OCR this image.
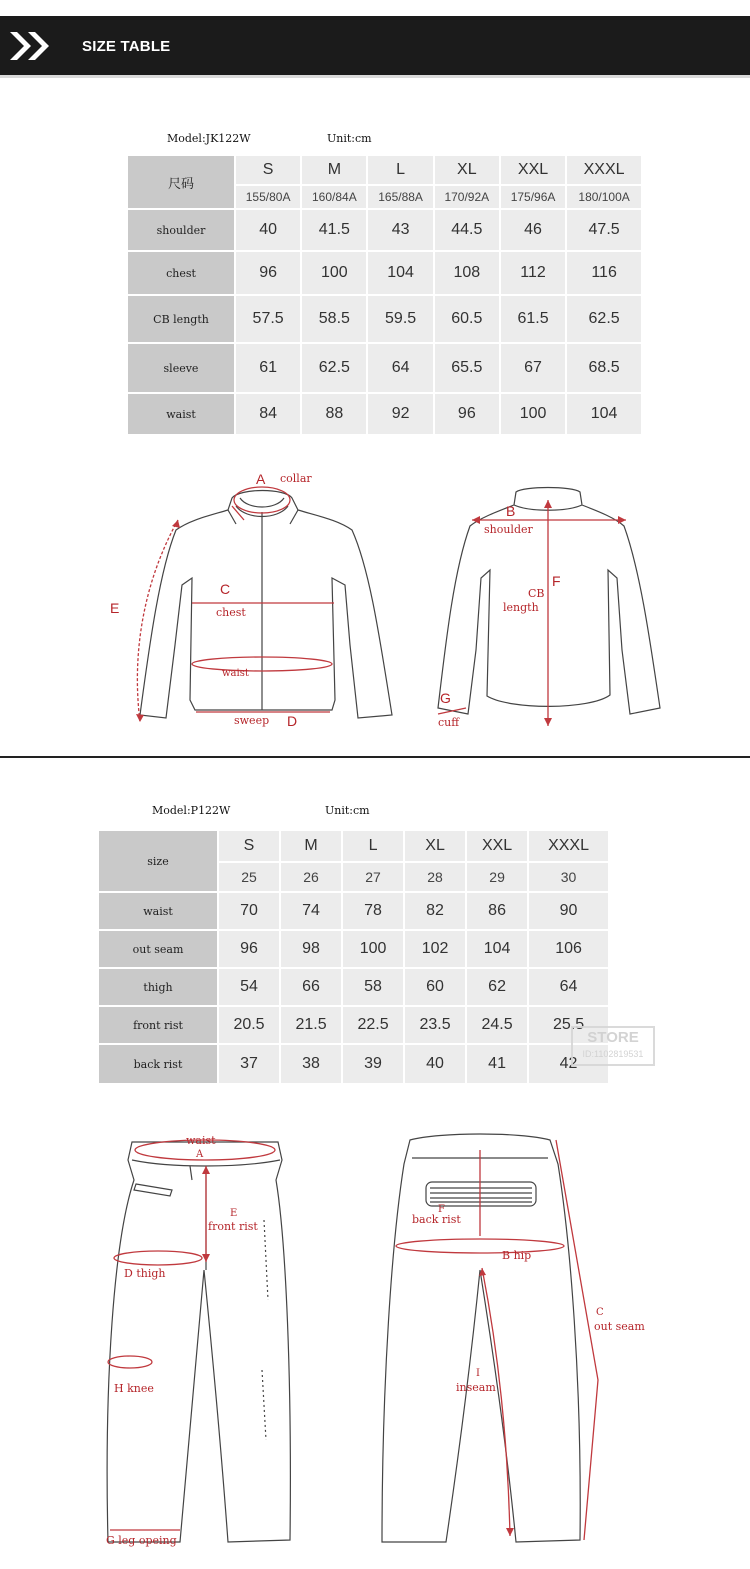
SIZE TABLE
Model:JK122W	Unit:cm
尺码	S	M	L	XL	XXL	XXXL
	155/80A	160/84A	165/88A	170/92A	175/96A	180/100A
shoulder	40	41.5	43	44.5	46	47.5
chest	96	100	104	108	112	116
CB length	57.5	58.5	59.5	60.5	61.5	62.5
sleeve	61	62.5	64	65.5	67	68.5
waist	84	88	92	96	100	104
A collar
C
chest
E
waist
sweep D
B
shoulder
F
CB
length
G
cuff
Model:P122W	Unit:cm
size	S	M	L	XL	XXL	XXXL
	25	26	27	28	29	30
waist	70	74	78	82	86	90
out seam	96	98	100	102	104	106
thigh	54	66	58	60	62	64
front rist	20.5	21.5	22.5	23.5	24.5	25.5
back rist	37	38	39	40	41	42
STORE
ID:1102819531
waist
A
E
front rist
D thigh
H knee
G leg opeing
F
back rist
B hip
C
out seam
I
inseam
